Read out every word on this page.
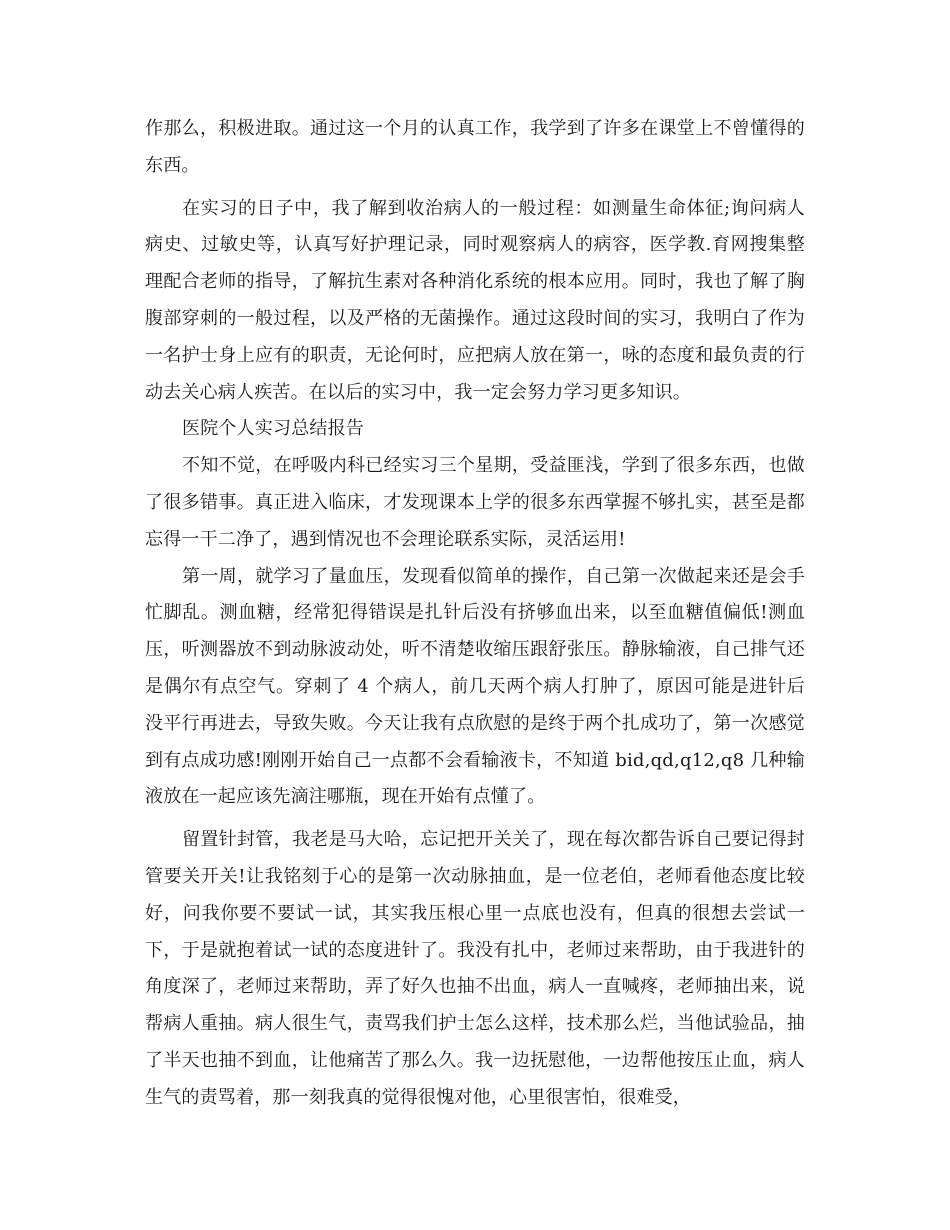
作那么，积极进取。通过这一个月的认真工作，我学到了许多在课堂上不曾懂得的东西。

在实习的日子中，我了解到收治病人的一般过程：如测量生命体征;询问病人病史、过敏史等，认真写好护理记录，同时观察病人的病容，医学教.育网搜集整理配合老师的指导，了解抗生素对各种消化系统的根本应用。同时，我也了解了胸腹部穿刺的一般过程，以及严格的无菌操作。通过这段时间的实习，我明白了作为一名护士身上应有的职责，无论何时，应把病人放在第一，咏的态度和最负责的行动去关心病人疾苦。在以后的实习中，我一定会努力学习更多知识。

医院个人实习总结报告

不知不觉，在呼吸内科已经实习三个星期，受益匪浅，学到了很多东西，也做了很多错事。真正进入临床，才发现课本上学的很多东西掌握不够扎实，甚至是都忘得一干二净了，遇到情况也不会理论联系实际，灵活运用!

第一周，就学习了量血压，发现看似简单的操作，自己第一次做起来还是会手忙脚乱。测血糖，经常犯得错误是扎针后没有挤够血出来，以至血糖值偏低!测血压，听测器放不到动脉波动处，听不清楚收缩压跟舒张压。静脉输液，自己排气还是偶尔有点空气。穿刺了 4 个病人，前几天两个病人打肿了，原因可能是进针后没平行再进去，导致失败。今天让我有点欣慰的是终于两个扎成功了，第一次感觉到有点成功感!刚刚开始自己一点都不会看输液卡，不知道 bid,qd,q12,q8 几种输液放在一起应该先滴注哪瓶，现在开始有点懂了。

留置针封管，我老是马大哈，忘记把开关关了，现在每次都告诉自己要记得封管要关开关!让我铭刻于心的是第一次动脉抽血，是一位老伯，老师看他态度比较好，问我你要不要试一试，其实我压根心里一点底也没有，但真的很想去尝试一下，于是就抱着试一试的态度进针了。我没有扎中，老师过来帮助，由于我进针的角度深了，老师过来帮助，弄了好久也抽不出血，病人一直喊疼，老师抽出来，说帮病人重抽。病人很生气，责骂我们护士怎么这样，技术那么烂，当他试验品，抽了半天也抽不到血，让他痛苦了那么久。我一边抚慰他，一边帮他按压止血，病人生气的责骂着，那一刻我真的觉得很愧对他，心里很害怕，很难受，
